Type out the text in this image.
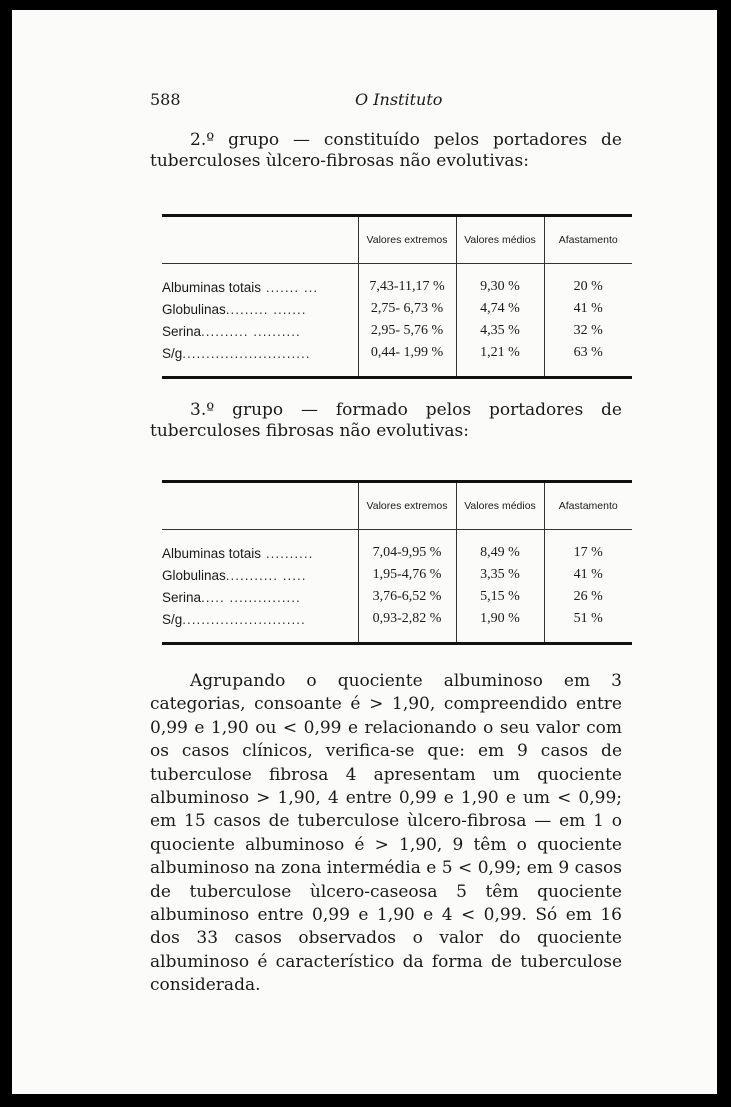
588	O Instituto

2.º grupo — constituído pelos portadores de tuberculoses ùlcero-fibrosas não evolutivas:

	Valores extremos	Valores médios	Afastamento
Albuminas totais ....... ...	7,43-11,17 %	9,30 %	20 %
Globulinas......... .......	2,75- 6,73 %	4,74 %	41 %
Serina.......... ..........	2,95- 5,76 %	4,35 %	32 %
S/g...........................	0,44- 1,99 %	1,21 %	63 %

3.º grupo — formado pelos portadores de tuberculoses fibrosas não evolutivas:

	Valores extremos	Valores médios	Afastamento
Albuminas totais ..........	7,04-9,95 %	8,49 %	17 %
Globulinas........... .....	1,95-4,76 %	3,35 %	41 %
Serina..... ...............	3,76-6,52 %	5,15 %	26 %
S/g..........................	0,93-2,82 %	1,90 %	51 %

Agrupando o quociente albuminoso em 3 categorias, consoante é > 1,90, compreendido entre 0,99 e 1,90 ou < 0,99 e relacionando o seu valor com os casos clínicos, verifica-se que: em 9 casos de tuberculose fibrosa 4 apresentam um quociente albuminoso > 1,90, 4 entre 0,99 e 1,90 e um < 0,99; em 15 casos de tuberculose ùlcero-fibrosa — em 1 o quociente albuminoso é > 1,90, 9 têm o quociente albuminoso na zona intermédia e 5 < 0,99; em 9 casos de tuberculose ùlcero-caseosa 5 têm quociente albuminoso entre 0,99 e 1,90 e 4 < 0,99. Só em 16 dos 33 casos observados o valor do quociente albuminoso é característico da forma de tuberculose considerada.
